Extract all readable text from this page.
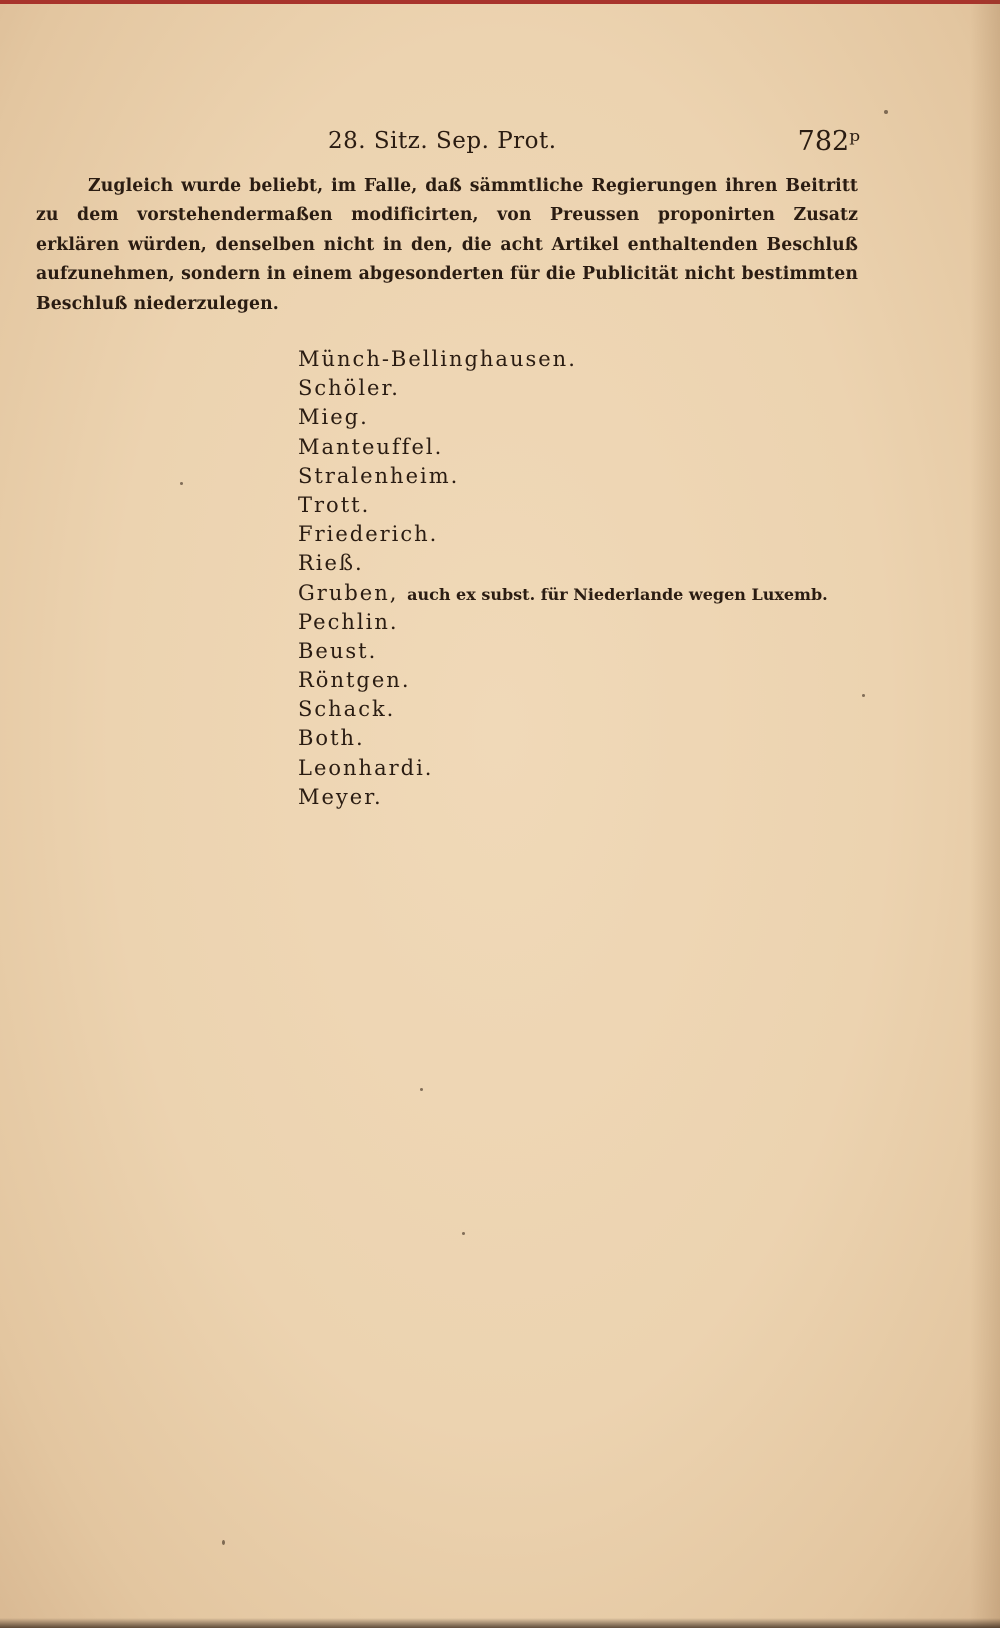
28. Sitz. Sep. Prot.	782ᵖ
Zugleich wurde beliebt, im Falle, daß sämmtliche Regierungen ihren Beitritt zu dem vorstehendermaßen modificirten, von Preussen proponirten Zusatz erklären würden, denselben nicht in den, die acht Artikel enthaltenden Beschluß aufzunehmen, sondern in einem abgesonderten für die Publicität nicht bestimmten Beschluß niederzulegen.
Münch-Bellinghausen.
Schöler.
Mieg.
Manteuffel.
Stralenheim.
Trott.
Friederich.
Rieß.
Gruben, auch ex subst. für Niederlande wegen Luxemb.
Pechlin.
Beust.
Röntgen.
Schack.
Both.
Leonhardi.
Meyer.
